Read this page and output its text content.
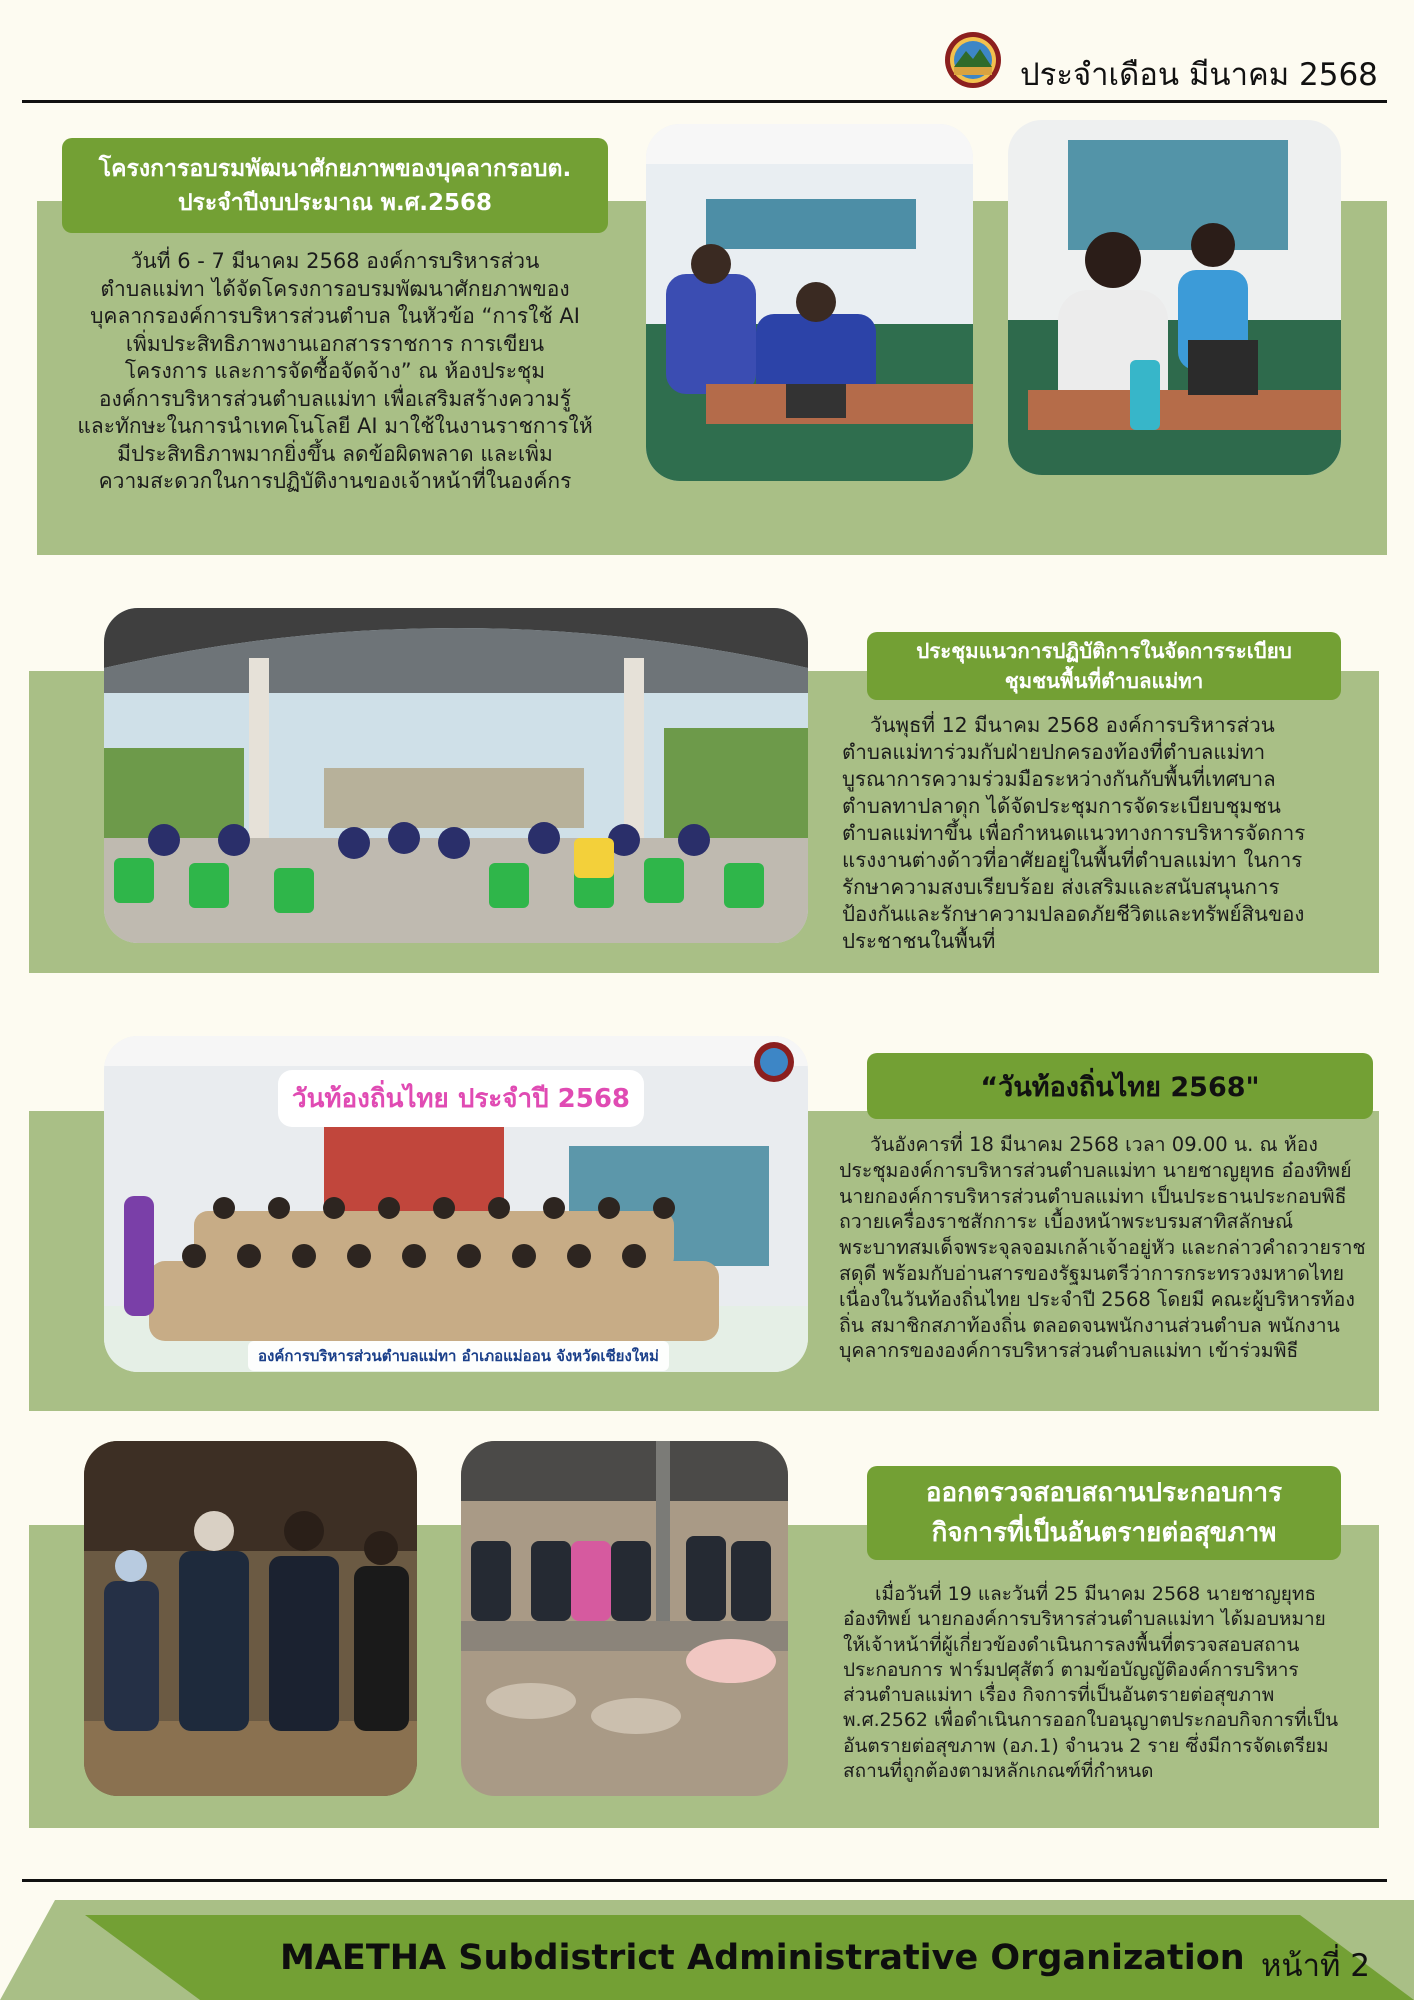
ประจำเดือน มีนาคม 2568
โครงการอบรมพัฒนาศักยภาพของบุคลากรอบต.
ประจำปีงบประมาณ พ.ศ.2568
วันที่ 6 - 7 มีนาคม 2568 องค์การบริหารส่วน
ตำบลแม่ทา ได้จัดโครงการอบรมพัฒนาศักยภาพของ
บุคลากรองค์การบริหารส่วนตำบล ในหัวข้อ “การใช้ AI
เพิ่มประสิทธิภาพงานเอกสารราชการ การเขียน
โครงการ และการจัดซื้อจัดจ้าง” ณ ห้องประชุม
องค์การบริหารส่วนตำบลแม่ทา เพื่อเสริมสร้างความรู้
และทักษะในการนำเทคโนโลยี AI มาใช้ในงานราชการให้
มีประสิทธิภาพมากยิ่งขึ้น ลดข้อผิดพลาด และเพิ่ม
ความสะดวกในการปฏิบัติงานของเจ้าหน้าที่ในองค์กร
ประชุมแนวการปฏิบัติการในจัดการระเบียบ
ชุมชนพื้นที่ตำบลแม่ทา
วันพุธที่ 12 มีนาคม 2568 องค์การบริหารส่วน
ตำบลแม่ทาร่วมกับฝ่ายปกครองท้องที่ตำบลแม่ทา
บูรณาการความร่วมมือระหว่างกันกับพื้นที่เทศบาล
ตำบลทาปลาดุก ได้จัดประชุมการจัดระเบียบชุมชน
ตำบลแม่ทาขึ้น เพื่อกำหนดแนวทางการบริหารจัดการ
แรงงานต่างด้าวที่อาศัยอยู่ในพื้นที่ตำบลแม่ทา ในการ
รักษาความสงบเรียบร้อย ส่งเสริมและสนับสนุนการ
ป้องกันและรักษาความปลอดภัยชีวิตและทรัพย์สินของ
ประชาชนในพื้นที่
วันท้องถิ่นไทย ประจำปี 2568
องค์การบริหารส่วนตำบลแม่ทา อำเภอแม่ออน จังหวัดเชียงใหม่
“วันท้องถิ่นไทย 2568"
วันอังคารที่ 18 มีนาคม 2568 เวลา 09.00 น. ณ ห้อง
ประชุมองค์การบริหารส่วนตำบลแม่ทา นายชาญยุทธ อ๋องทิพย์
นายกองค์การบริหารส่วนตำบลแม่ทา เป็นประธานประกอบพิธี
ถวายเครื่องราชสักการะ เบื้องหน้าพระบรมสาทิสลักษณ์
พระบาทสมเด็จพระจุลจอมเกล้าเจ้าอยู่หัว และกล่าวคำถวายราช
สดุดี พร้อมกับอ่านสารของรัฐมนตรีว่าการกระทรวงมหาดไทย
เนื่องในวันท้องถิ่นไทย ประจำปี 2568 โดยมี คณะผู้บริหารท้อง
ถิ่น สมาชิกสภาท้องถิ่น ตลอดจนพนักงานส่วนตำบล พนักงาน
บุคลากรขององค์การบริหารส่วนตำบลแม่ทา เข้าร่วมพิธี
ออกตรวจสอบสถานประกอบการ
กิจการที่เป็นอันตรายต่อสุขภาพ
เมื่อวันที่ 19 และวันที่ 25 มีนาคม 2568 นายชาญยุทธ
อ๋องทิพย์ นายกองค์การบริหารส่วนตำบลแม่ทา ได้มอบหมาย
ให้เจ้าหน้าที่ผู้เกี่ยวข้องดำเนินการลงพื้นที่ตรวจสอบสถาน
ประกอบการ ฟาร์มปศุสัตว์ ตามข้อบัญญัติองค์การบริหาร
ส่วนตำบลแม่ทา เรื่อง กิจการที่เป็นอันตรายต่อสุขภาพ
พ.ศ.2562 เพื่อดำเนินการออกใบอนุญาตประกอบกิจการที่เป็น
อันตรายต่อสุขภาพ (อภ.1) จำนวน 2 ราย ซึ่งมีการจัดเตรียม
สถานที่ถูกต้องตามหลักเกณฑ์ที่กำหนด
MAETHA Subdistrict Administrative Organization หน้าที่ 2
